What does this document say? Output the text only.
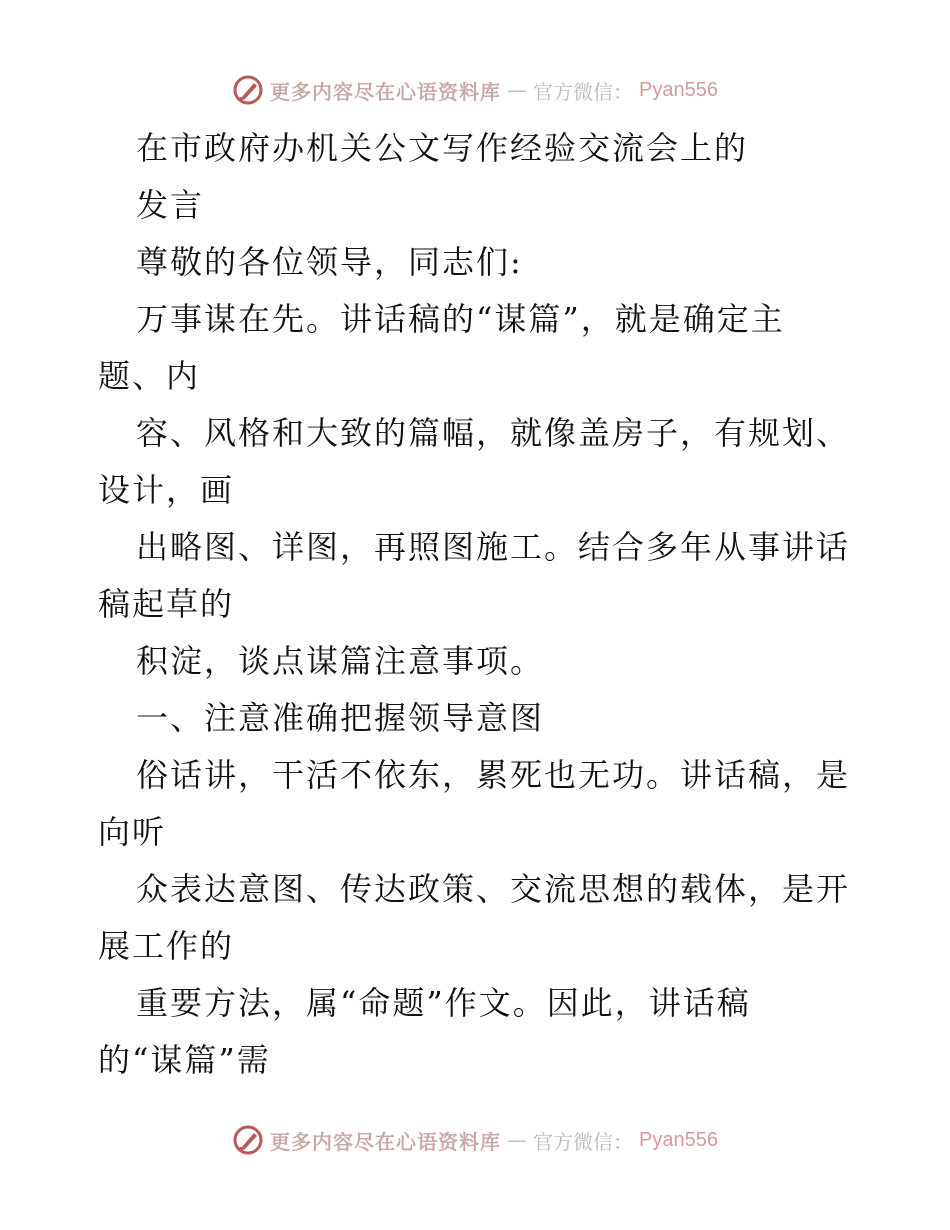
更多内容尽在心语资料库 — 官方微信： Pyan556
在市政府办机关公文写作经验交流会上的
发言
尊敬的各位领导，同志们:
万事谋在先。讲话稿的“谋篇”，就是确定主
题、内
容、风格和大致的篇幅，就像盖房子，有规划、
设计，画
出略图、详图，再照图施工。结合多年从事讲话
稿起草的
积淀，谈点谋篇注意事项。
一、注意准确把握领导意图
俗话讲，干活不依东，累死也无功。讲话稿，是
向听
众表达意图、传达政策、交流思想的载体，是开
展工作的
重要方法，属“命题”作文。因此，讲话稿
的“谋篇”需
更多内容尽在心语资料库 — 官方微信： Pyan556
